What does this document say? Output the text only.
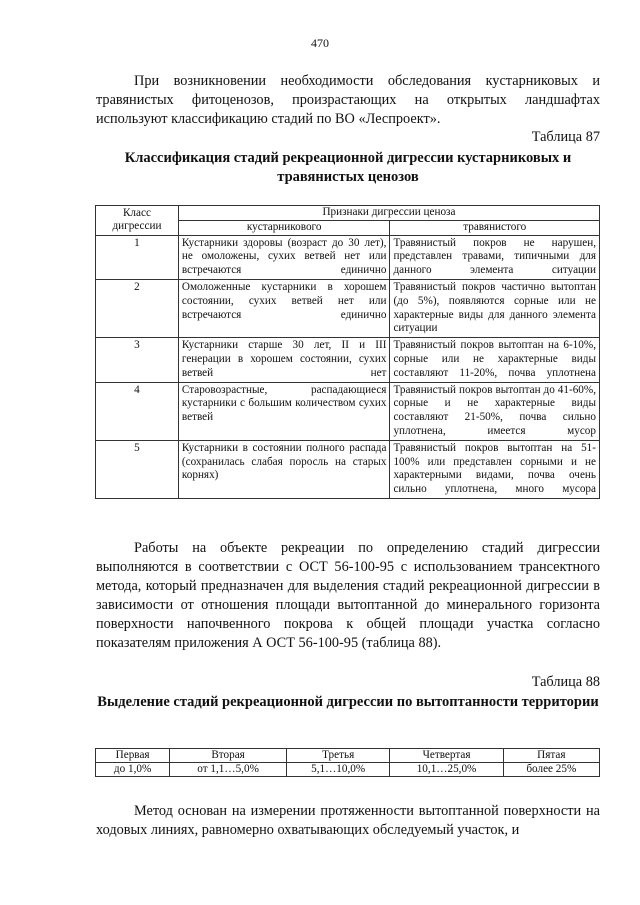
470

При возникновении необходимости обследования кустарниковых и травянистых фитоценозов, произрастающих на открытых ландшафтах используют классификацию стадий по ВО «Леспроект».

Таблица 87

Классификация стадий рекреационной дигрессии кустарниковых и травянистых ценозов

Класс дигрессии	Признаки дигрессии ценоза	
	кустарникового	травянистого
1	Кустарники здоровы (возраст до 30 лет), не омоложены, сухих ветвей нет или встречаются единично	Травянистый покров не нарушен, представлен травами, типичными для данного элемента ситуации
2	Омоложенные кустарники в хорошем состоянии, сухих ветвей нет или встречаются единично	Травянистый покров частично вытоптан (до 5%), появляются сорные или не характерные виды для данного элемента ситуации
3	Кустарники старше 30 лет, II и III генерации в хорошем состоянии, сухих ветвей нет	Травянистый покров вытоптан на 6-10%, сорные или не характерные виды составляют 11-20%, почва уплотнена
4	Старовозрастные, распадающиеся кустарники с большим количеством сухих ветвей	Травянистый покров вытоптан до 41-60%, сорные и не характерные виды составляют 21-50%, почва сильно уплотнена, имеется мусор
5	Кустарники в состоянии полного распада (сохранилась слабая поросль на старых корнях)	Травянистый покров вытоптан на 51-100% или представлен сорными и не характерными видами, почва очень сильно уплотнена, много мусора

Работы на объекте рекреации по определению стадий дигрессии выполняются в соответствии с ОСТ 56-100-95 с использованием трансектного метода, который предназначен для выделения стадий рекреационной дигрессии в зависимости от отношения площади вытоптанной до минерального горизонта поверхности напочвенного покрова к общей площади участка согласно показателям приложения А ОСТ 56-100-95 (таблица 88).

Таблица 88

Выделение стадий рекреационной дигрессии по вытоптанности территории

Первая	Вторая	Третья	Четвертая	Пятая
до 1,0%	от 1,1…5,0%	5,1…10,0%	10,1…25,0%	более 25%

Метод основан на измерении протяженности вытоптанной поверхности на ходовых линиях, равномерно охватывающих обследуемый участок, и
